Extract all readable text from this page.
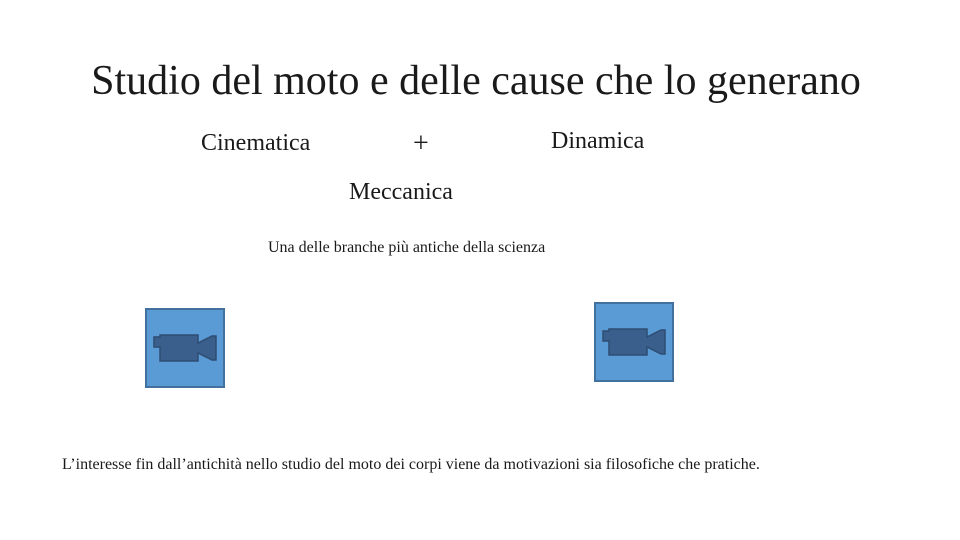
Studio del moto e delle cause che lo generano
Cinematica	+	Dinamica
Meccanica
Una delle branche più antiche della scienza
L’interesse fin dall’antichità nello studio del moto dei corpi viene da motivazioni sia filosofiche che pratiche.
